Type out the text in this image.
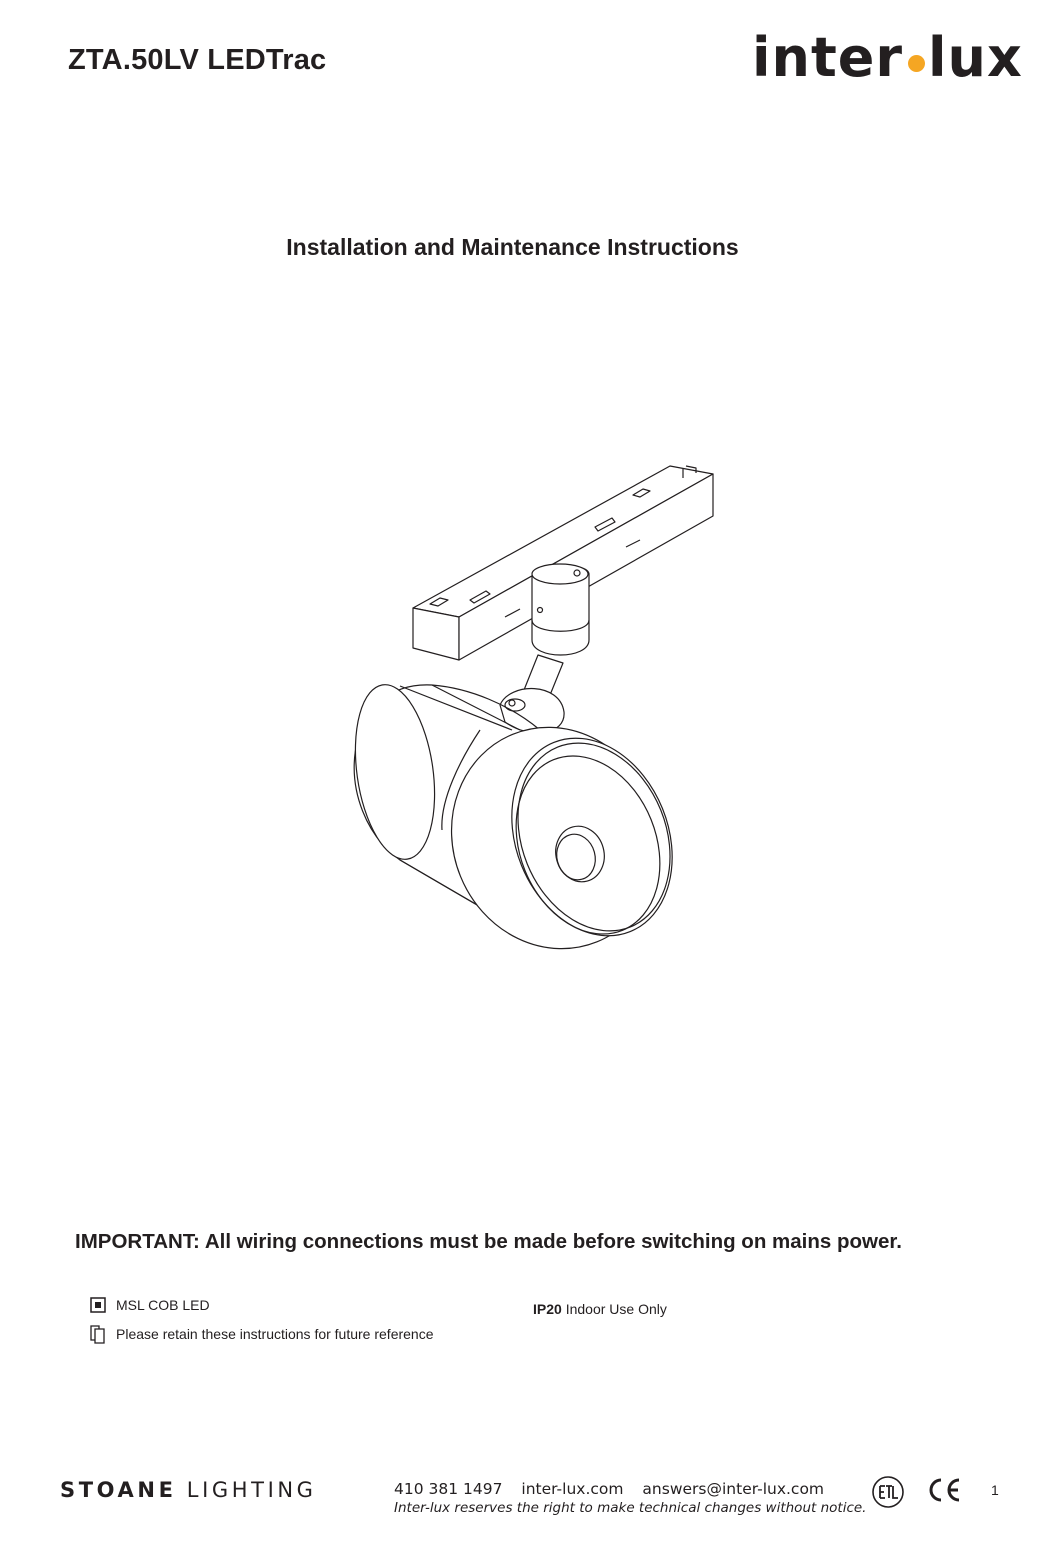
ZTA.50LV LEDTrac	inter lux
Installation and Maintenance Instructions
IMPORTANT: All wiring connections must be made before switching on mains power.
MSL COB LED
Please retain these instructions for future reference
IP20 Indoor Use Only
STOANE LIGHTING	410 381 1497 inter-lux.com answers@inter-lux.com
Inter-lux reserves the right to make technical changes without notice.
1
